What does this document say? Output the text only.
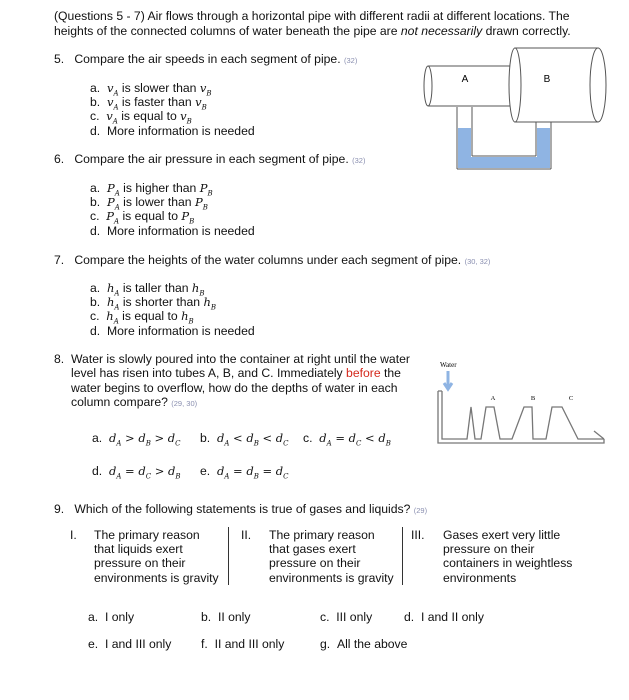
(Questions 5 - 7) Air flows through a horizontal pipe with different radii at different locations. The
heights of the connected columns of water beneath the pipe are not necessarily drawn correctly.
5. Compare the air speeds in each segment of pipe. (32)
a. $v_A$ is slower than $v_B$
b. $v_A$ is faster than $v_B$
c. $v_A$ is equal to $v_B$
d. More information is needed
A	B
6. Compare the air pressure in each segment of pipe. (32)
a. $P_A$ is higher than $P_B$
b. $P_A$ is lower than $P_B$
c. $P_A$ is equal to $P_B$
d. More information is needed
7. Compare the heights of the water columns under each segment of pipe. (30, 32)
a. $h_A$ is taller than $h_B$
b. $h_A$ is shorter than $h_B$
c. $h_A$ is equal to $h_B$
d. More information is needed
8. Water is slowly poured into the container at right until the water
level has risen into tubes A, B, and C. Immediately before the
water begins to overflow, how do the depths of water in each
column compare? (29, 30)
Water
A	B	C
a. $d_A > d_B > d_C$ b. $d_A < d_B < d_C$ c. $d_A = d_C < d_B$
d. $d_A = d_C > d_B$ e. $d_A = d_B = d_C$
9. Which of the following statements is true of gases and liquids? (29)
I. The primary reason
that liquids exert
pressure on their
environments is gravity
II. The primary reason
that gases exert
pressure on their
environments is gravity
III. Gases exert very little
pressure on their
containers in weightless
environments
a. I only	b. II only	c. III only	d. I and II only
e. I and III only f. II and III only	g. All the above
